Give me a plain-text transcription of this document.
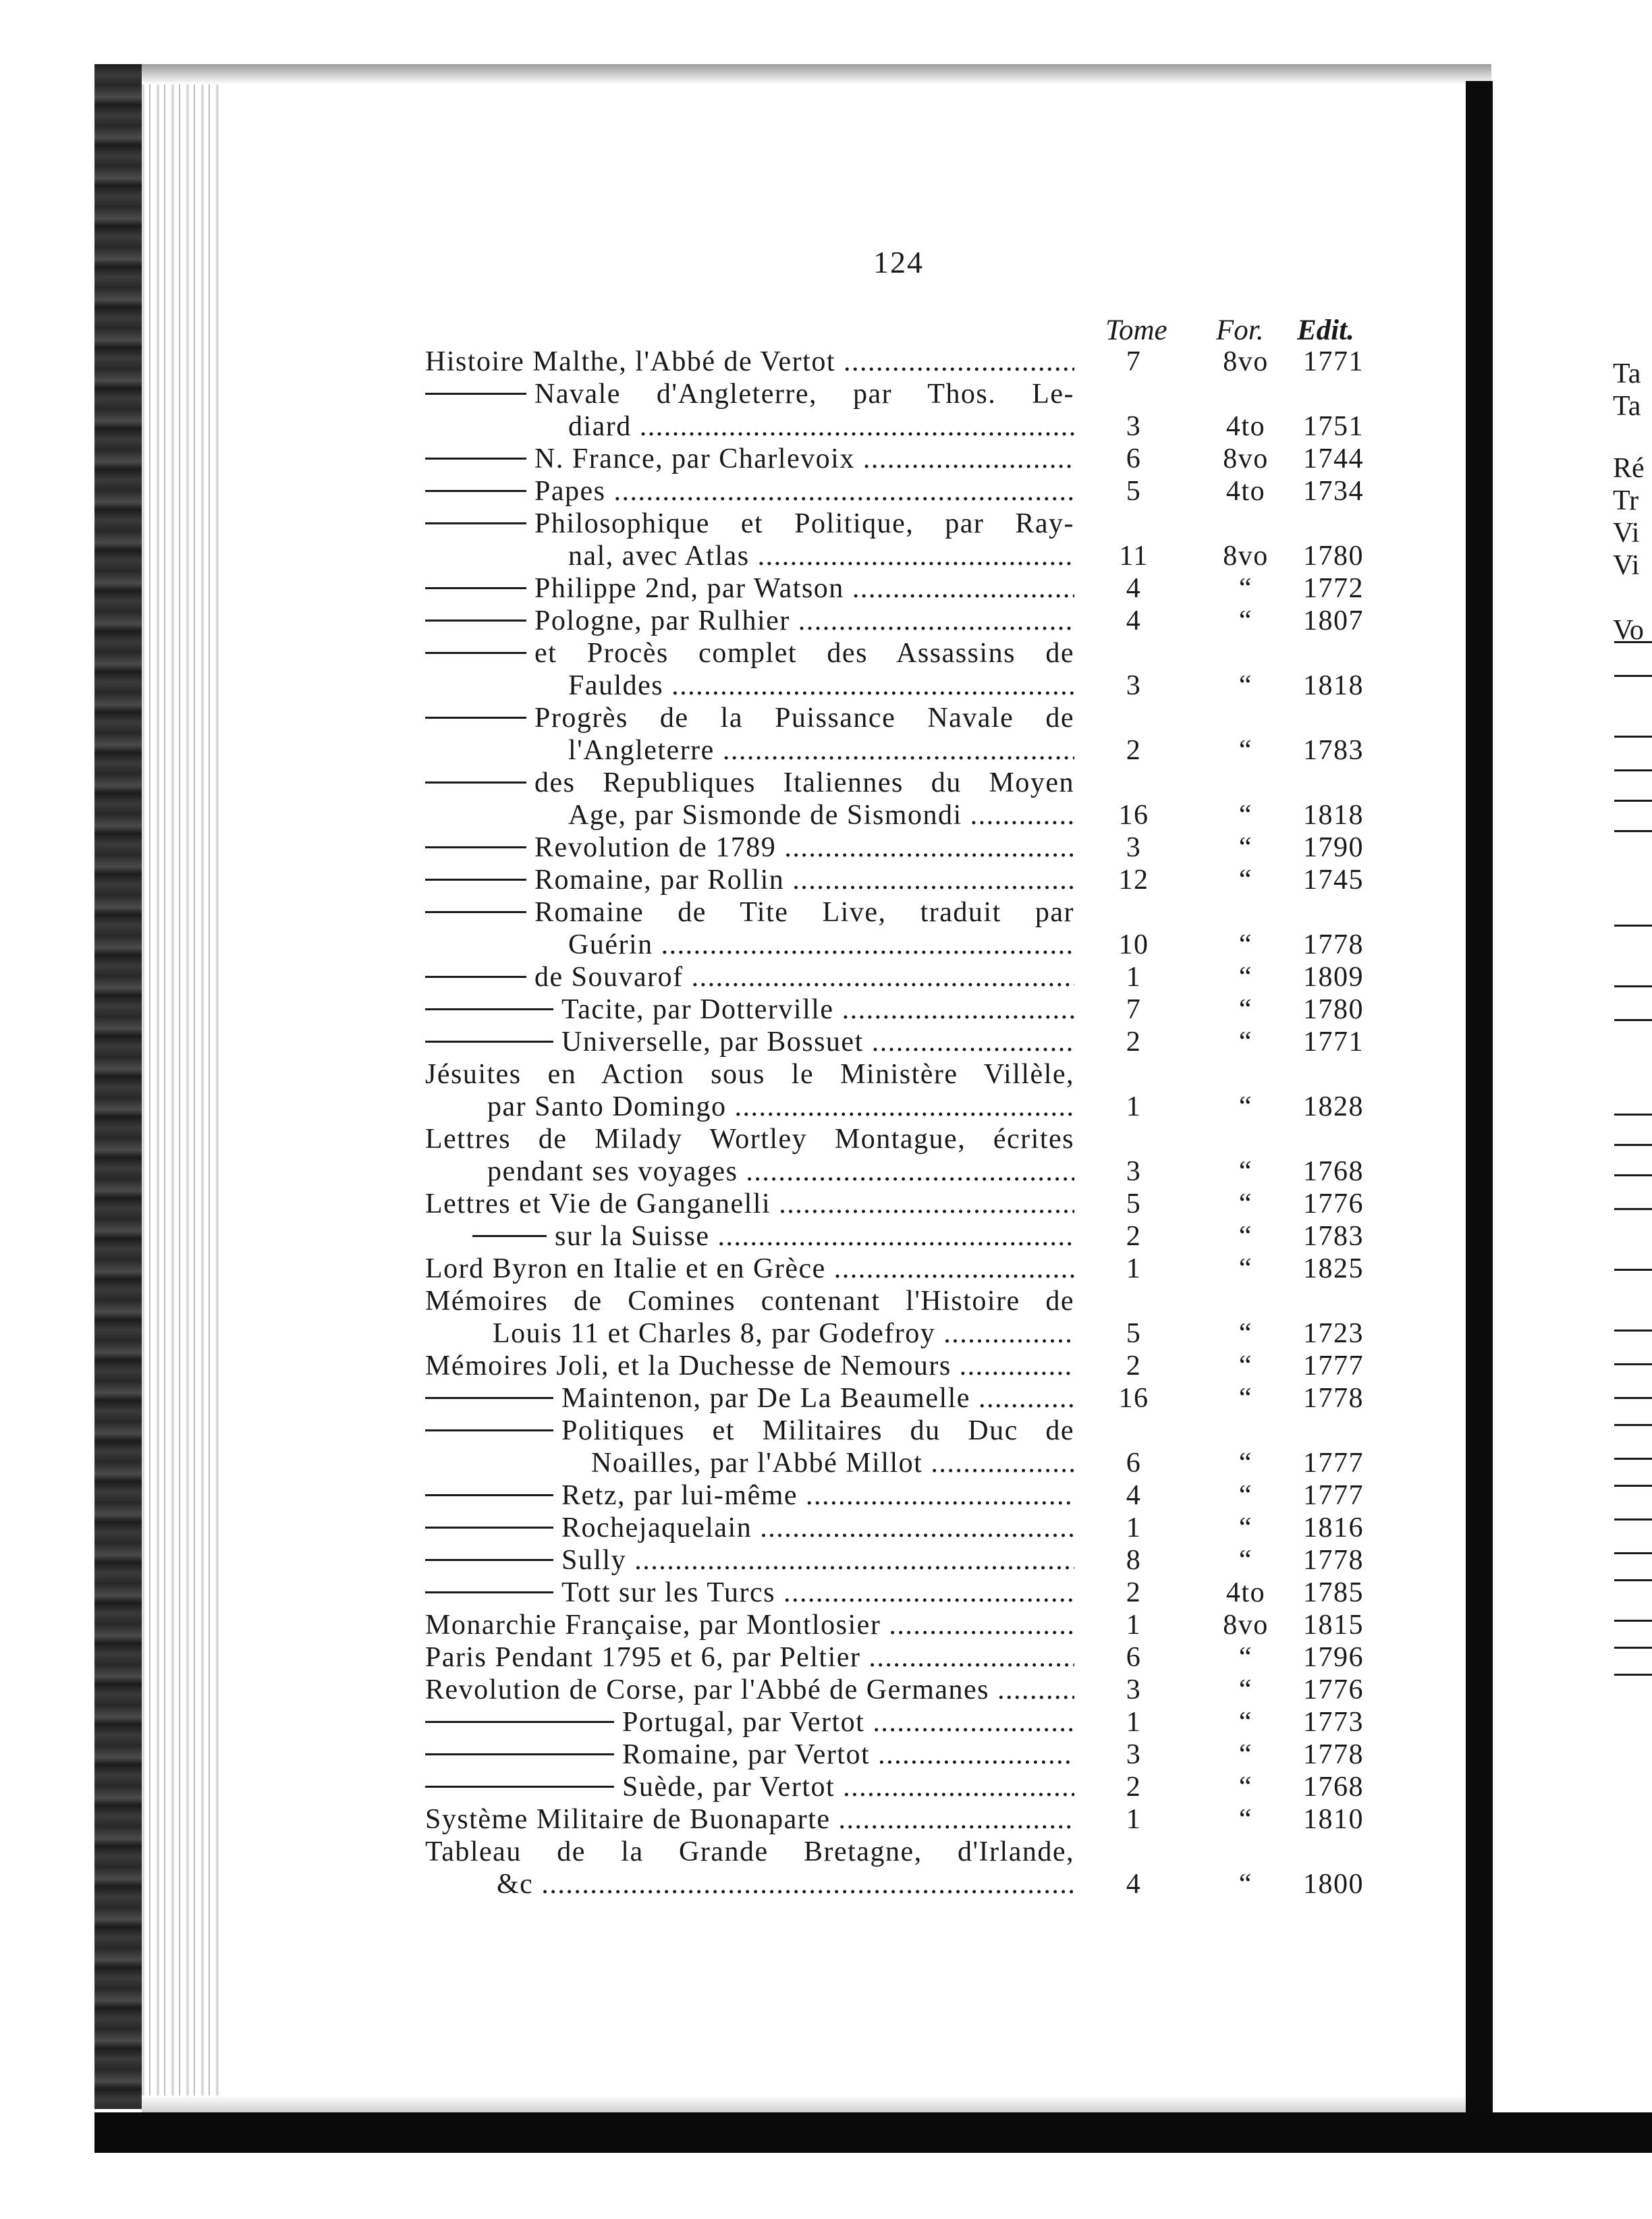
124
Tome For. Edit.
Histoire Malthe, l'Abbé de Vertot .....	7	8vo	1771
Navale d'Angleterre, par Thos. Le-
diard .....	3	4to	1751
N. France, par Charlevoix .....	6	8vo	1744
Papes .....	5	4to	1734
Philosophique et Politique, par Ray-
nal, avec Atlas .....	11	8vo	1780
Philippe 2nd, par Watson .....	4	“	1772
Pologne, par Rulhier .....	4	“	1807
et Procès complet des Assassins de
Fauldes .....	3	“	1818
Progrès de la Puissance Navale de
l'Angleterre .....	2	“	1783
des Republiques Italiennes du Moyen
Age, par Sismonde de Sismondi .....	16	“	1818
Revolution de 1789 .....	3	“	1790
Romaine, par Rollin .....	12	“	1745
Romaine de Tite Live, traduit par
Guérin .....	10	“	1778
de Souvarof .....	1	“	1809
Tacite, par Dotterville .....	7	“	1780
Universelle, par Bossuet .....	2	“	1771
Jésuites en Action sous le Ministère Villèle,
par Santo Domingo .....	1	“	1828
Lettres de Milady Wortley Montague, écrites
pendant ses voyages .....	3	“	1768
Lettres et Vie de Ganganelli .....	5	“	1776
sur la Suisse .....	2	“	1783
Lord Byron en Italie et en Grèce .....	1	“	1825
Mémoires de Comines contenant l'Histoire de
Louis 11 et Charles 8, par Godefroy .....	5	“	1723
Mémoires Joli, et la Duchesse de Nemours .....	2	“	1777
Maintenon, par De La Beaumelle .....	16	“	1778
Politiques et Militaires du Duc de
Noailles, par l'Abbé Millot .....	6	“	1777
Retz, par lui-même .....	4	“	1777
Rochejaquelain .....	1	“	1816
Sully .....	8	“	1778
Tott sur les Turcs .....	2	4to	1785
Monarchie Française, par Montlosier .....	1	8vo	1815
Paris Pendant 1795 et 6, par Peltier .....	6	“	1796
Revolution de Corse, par l'Abbé de Germanes .....	3	“	1776
Portugal, par Vertot .....	1	“	1773
Romaine, par Vertot .....	3	“	1778
Suède, par Vertot .....	2	“	1768
Système Militaire de Buonaparte .....	1	“	1810
Tableau de la Grande Bretagne, d'Irlande,
&c .....	4	“	1800
Ta
Ta
Ré
Tr
Vi
Vi
Vo
